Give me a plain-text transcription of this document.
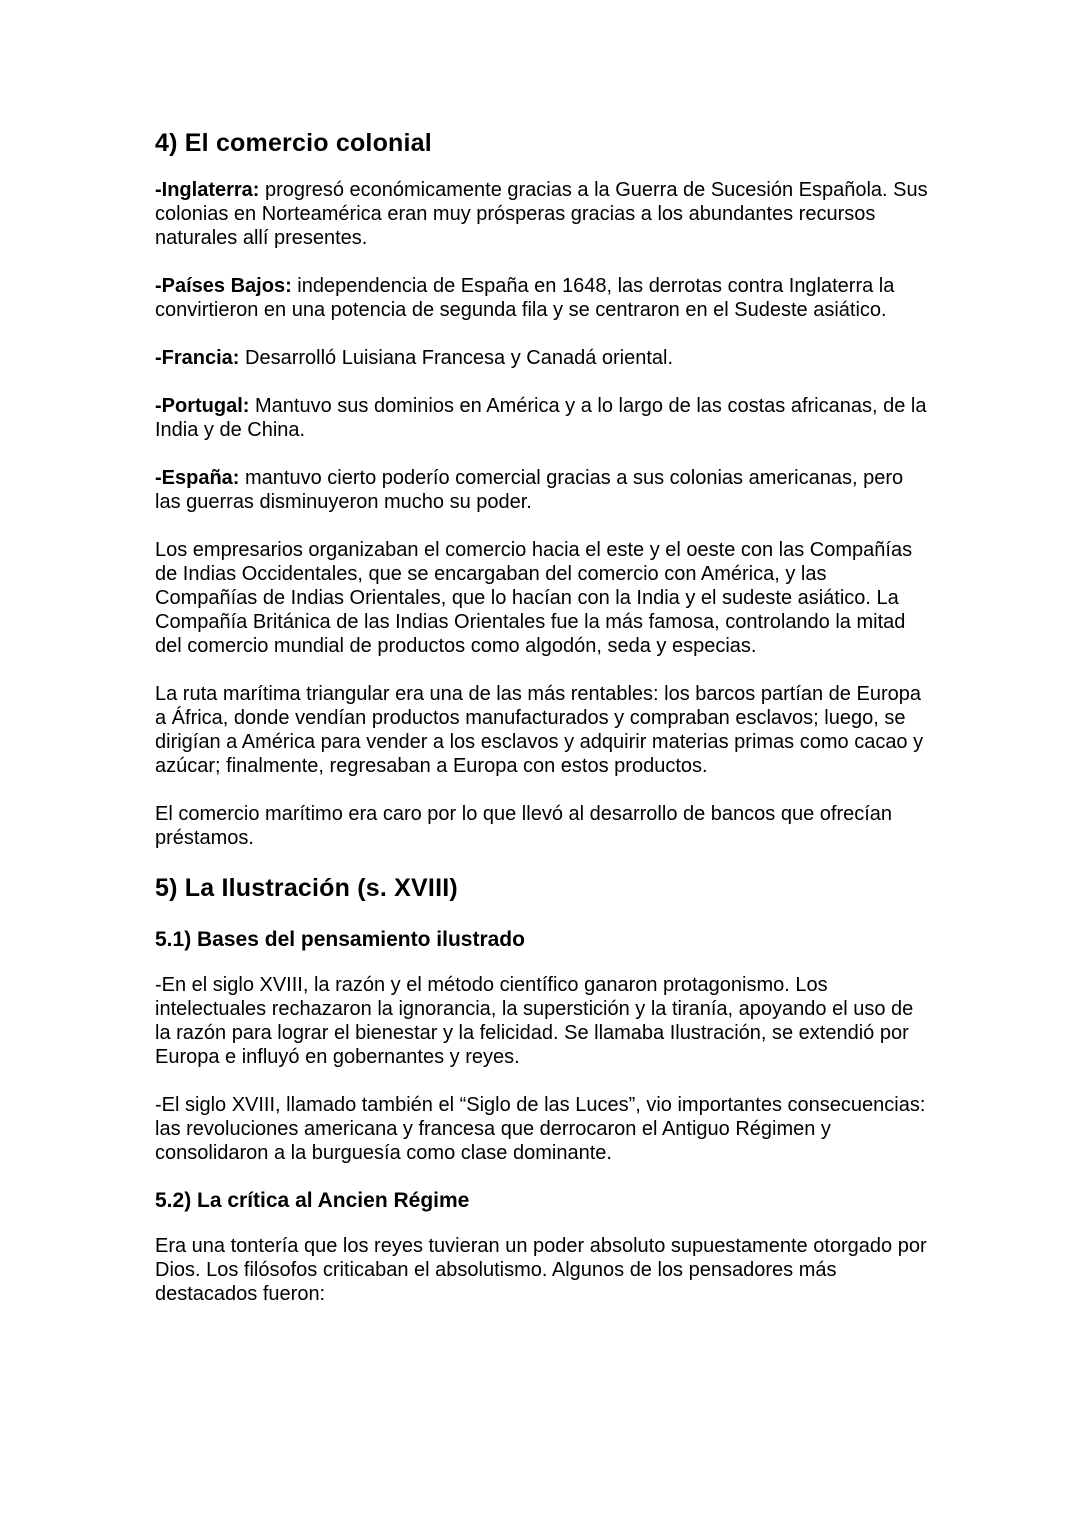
4) El comercio colonial

-Inglaterra: progresó económicamente gracias a la Guerra de Sucesión Española. Sus colonias en Norteamérica eran muy prósperas gracias a los abundantes recursos naturales allí presentes.

-Países Bajos: independencia de España en 1648, las derrotas contra Inglaterra la convirtieron en una potencia de segunda fila y se centraron en el Sudeste asiático.

-Francia: Desarrolló Luisiana Francesa y Canadá oriental.

-Portugal: Mantuvo sus dominios en América y a lo largo de las costas africanas, de la India y de China.

-España: mantuvo cierto poderío comercial gracias a sus colonias americanas, pero las guerras disminuyeron mucho su poder.

Los empresarios organizaban el comercio hacia el este y el oeste con las Compañías de Indias Occidentales, que se encargaban del comercio con América, y las Compañías de Indias Orientales, que lo hacían con la India y el sudeste asiático. La Compañía Británica de las Indias Orientales fue la más famosa, controlando la mitad del comercio mundial de productos como algodón, seda y especias.

La ruta marítima triangular era una de las más rentables: los barcos partían de Europa a África, donde vendían productos manufacturados y compraban esclavos; luego, se dirigían a América para vender a los esclavos y adquirir materias primas como cacao y azúcar; finalmente, regresaban a Europa con estos productos.

El comercio marítimo era caro por lo que llevó al desarrollo de bancos que ofrecían préstamos.

5) La Ilustración (s. XVIII)
5.1) Bases del pensamiento ilustrado

-En el siglo XVIII, la razón y el método científico ganaron protagonismo. Los intelectuales rechazaron la ignorancia, la superstición y la tiranía, apoyando el uso de la razón para lograr el bienestar y la felicidad. Se llamaba Ilustración, se extendió por Europa e influyó en gobernantes y reyes.

-El siglo XVIII, llamado también el “Siglo de las Luces”, vio importantes consecuencias: las revoluciones americana y francesa que derrocaron el Antiguo Régimen y consolidaron a la burguesía como clase dominante.

5.2) La crítica al Ancien Régime

Era una tontería que los reyes tuvieran un poder absoluto supuestamente otorgado por Dios. Los filósofos criticaban el absolutismo. Algunos de los pensadores más destacados fueron:
